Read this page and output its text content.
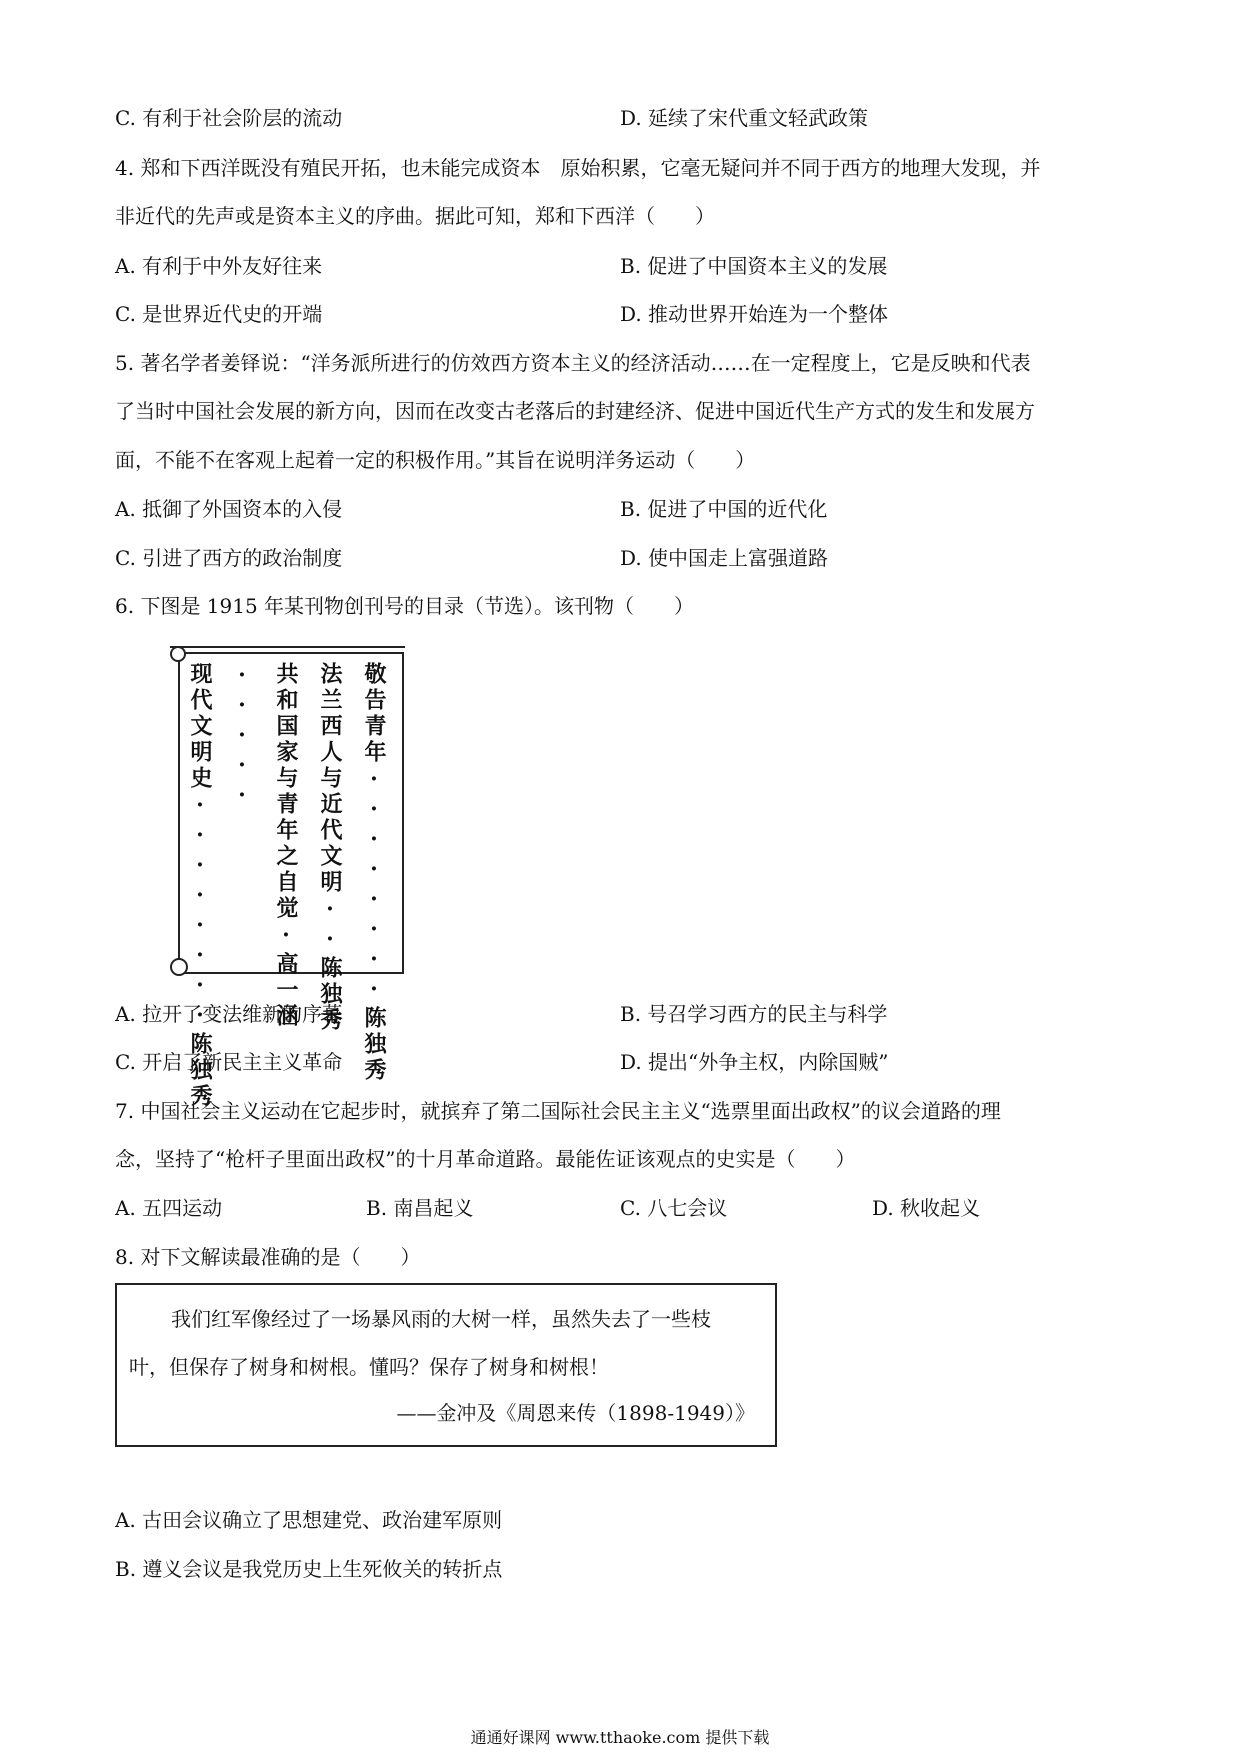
C. 有利于社会阶层的流动	D. 延续了宋代重文轻武政策
4. 郑和下西洋既没有殖民开拓，也未能完成资本　原始积累，它毫无疑问并不同于西方的地理大发现，并
非近代的先声或是资本主义的序曲。据此可知，郑和下西洋（　　）
A. 有利于中外友好往来	B. 促进了中国资本主义的发展
C. 是世界近代史的开端	D. 推动世界开始连为一个整体
5. 著名学者姜铎说：“洋务派所进行的仿效西方资本主义的经济活动……在一定程度上，它是反映和代表
了当时中国社会发展的新方向，因而在改变古老落后的封建经济、促进中国近代生产方式的发生和发展方
面，不能不在客观上起着一定的积极作用。”其旨在说明洋务运动（　　）
A. 抵御了外国资本的入侵	B. 促进了中国的近代化
C. 引进了西方的政治制度	D. 使中国走上富强道路
6. 下图是 1915 年某刊物创刊号的目录（节选）。该刊物（　　）
敬告青年········陈独秀
法兰西人与近代文明··陈独秀
共和国家与青年之自觉·高一涵
·····
现代文明史········陈独秀
A. 拉开了变法维新的序幕	B. 号召学习西方的民主与科学
C. 开启了新民主主义革命	D. 提出“外争主权，内除国贼”
7. 中国社会主义运动在它起步时，就摈弃了第二国际社会民主主义“选票里面出政权”的议会道路的理
念，坚持了“枪杆子里面出政权”的十月革命道路。最能佐证该观点的史实是（　　）
A. 五四运动	B. 南昌起义	C. 八七会议	D. 秋收起义
8. 对下文解读最准确的是（　　）
我们红军像经过了一场暴风雨的大树一样，虽然失去了一些枝
叶，但保存了树身和树根。懂吗？保存了树身和树根！
——金冲及《周恩来传（1898-1949）》
A. 古田会议确立了思想建党、政治建军原则
B. 遵义会议是我党历史上生死攸关的转折点
通通好课网 www.tthaoke.com 提供下载
